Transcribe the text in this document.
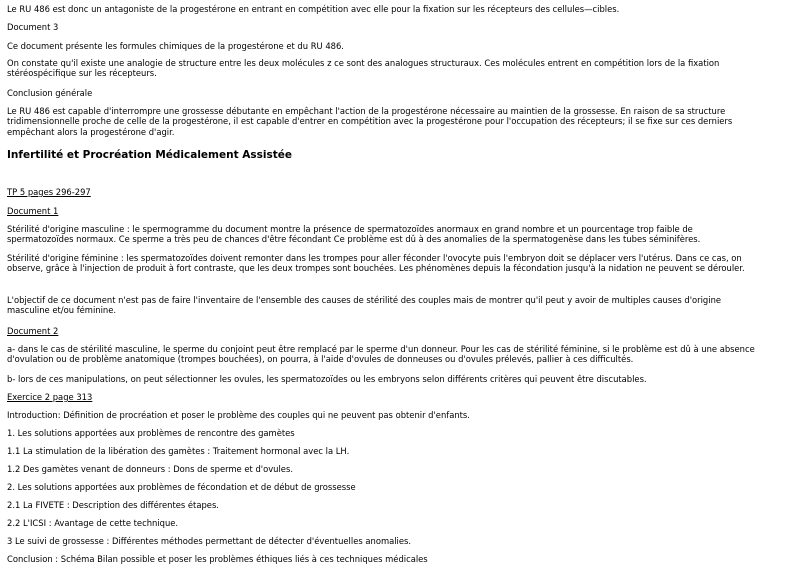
Le RU 486 est donc un antagoniste de la progestérone en entrant en compétition avec elle pour la fixation sur les récepteurs des cellules—cibles.

Document 3

Ce document présente les formules chimiques de la progestérone et du RU 486.

On constate qu'il existe une analogie de structure entre les deux molécules z ce sont des analogues structuraux. Ces molécules entrent en compétition lors de la fixation stéréospécifique sur les récepteurs.

Conclusion générale

Le RU 486 est capable d'interrompre une grossesse débutante en empêchant l'action de la progestérone nécessaire au maintien de la grossesse. En raison de sa structure tridimensionnelle proche de celle de la progestérone, il est capable d'entrer en compétition avec la progestérone pour l'occupation des récepteurs; il se fixe sur ces derniers empêchant alors la progestérone d'agir.

Infertilité et Procréation Médicalement Assistée

TP 5 pages 296-297

Document 1

Stérilité d'origine masculine : le spermogramme du document montre la présence de spermatozoïdes anormaux en grand nombre et un pourcentage trop faible de spermatozoïdes normaux. Ce sperme a très peu de chances d'être fécondant Ce problème est dû à des anomalies de la spermatogenèse dans les tubes séminifères.

Stérilité d'origine féminine : les spermatozoïdes doivent remonter dans les trompes pour aller féconder l'ovocyte puis l'embryon doit se déplacer vers l'utérus. Dans ce cas, on observe, grâce à l'injection de produit à fort contraste, que les deux trompes sont bouchées. Les phénomènes depuis la fécondation jusqu'à la nidation ne peuvent se dérouler.

L'objectif de ce document n'est pas de faire l'inventaire de l'ensemble des causes de stérilité des couples mais de montrer qu'il peut y avoir de multiples causes d'origine masculine et/ou féminine.

Document 2

a- dans le cas de stérilité masculine, le sperme du conjoint peut être remplacé par le sperme d'un donneur. Pour les cas de stérilité féminine, si le problème est dû à une absence d'ovulation ou de problème anatomique (trompes bouchées), on pourra, à l'aide d'ovules de donneuses ou d'ovules prélevés, pallier à ces difficultés.

b- lors de ces manipulations, on peut sélectionner les ovules, les spermatozoïdes ou les embryons selon différents critères qui peuvent être discutables.

Exercice 2 page 313

Introduction: Définition de procréation et poser le problème des couples qui ne peuvent pas obtenir d'enfants.

1. Les solutions apportées aux problèmes de rencontre des gamètes

1.1 La stimulation de la libération des gamètes : Traitement hormonal avec la LH.

1.2 Des gamètes venant de donneurs : Dons de sperme et d'ovules.

2. Les solutions apportées aux problèmes de fécondation et de début de grossesse

2.1 La FIVETE : Description des différentes étapes.

2.2 L'ICSI : Avantage de cette technique.

3 Le suivi de grossesse : Différentes méthodes permettant de détecter d'éventuelles anomalies.

Conclusion : Schéma Bilan possible et poser les problèmes éthiques liés à ces techniques médicales
